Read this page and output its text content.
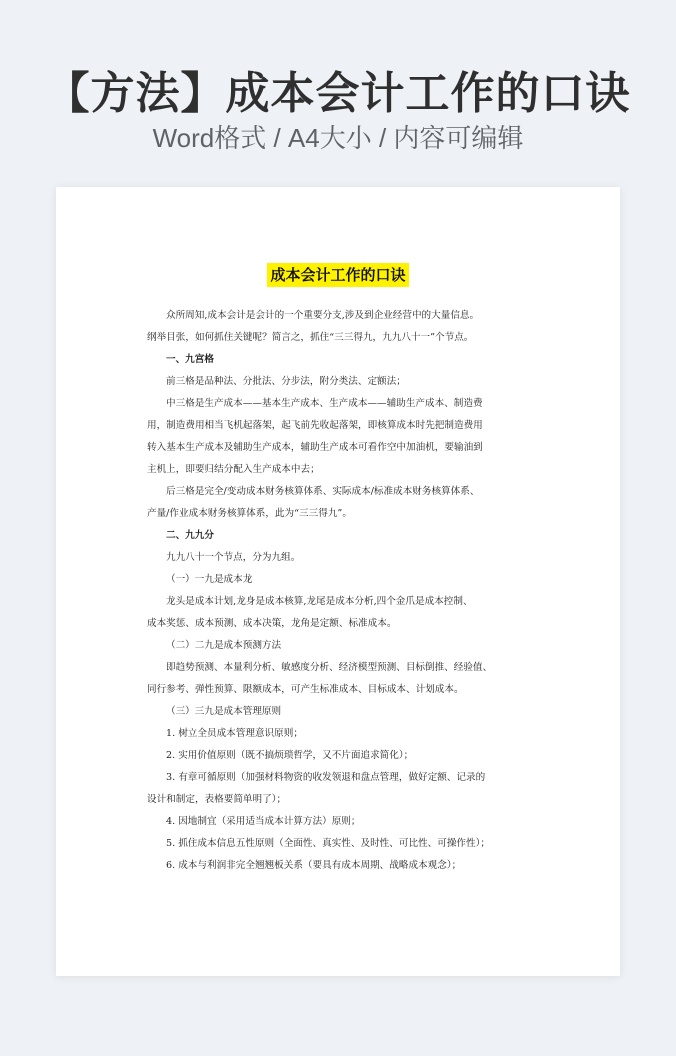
【方法】成本会计工作的口诀
Word格式 / A4大小 / 内容可编辑
成本会计工作的口诀

众所周知,成本会计是会计的一个重要分支,涉及到企业经营中的大量信息。

纲举目张，如何抓住关键呢？简言之，抓住“三三得九，九九八十一”个节点。

一、九宫格

前三格是品种法、分批法、分步法，附分类法、定额法；

中三格是生产成本——基本生产成本、生产成本——辅助生产成本、制造费

用，制造费用相当飞机起落架，起飞前先收起落架，即核算成本时先把制造费用

转入基本生产成本及辅助生产成本，辅助生产成本可看作空中加油机，要输油到

主机上，即要归结分配入生产成本中去；

后三格是完全/变动成本财务核算体系、实际成本/标准成本财务核算体系、

产量/作业成本财务核算体系，此为“三三得九”。

二、九九分

九九八十一个节点，分为九组。

（一）一九是成本龙

龙头是成本计划,龙身是成本核算,龙尾是成本分析,四个金爪是成本控制、

成本奖惩、成本预测、成本决策，龙角是定额、标准成本。

（二）二九是成本预测方法

即趋势预测、本量利分析、敏感度分析、经济模型预测、目标倒推、经验值、

同行参考、弹性预算、限额成本，可产生标准成本、目标成本、计划成本。

（三）三九是成本管理原则

1. 树立全员成本管理意识原则；

2. 实用价值原则（既不搞烦琐哲学，又不片面追求简化）；

3. 有章可循原则（加强材料物资的收发领退和盘点管理，做好定额、记录的

设计和制定，表格要简单明了）；

4. 因地制宜（采用适当成本计算方法）原则；

5. 抓住成本信息五性原则（全面性、真实性、及时性、可比性、可操作性）；

6. 成本与利润非完全翘翘板关系（要具有成本周期、战略成本观念）；
